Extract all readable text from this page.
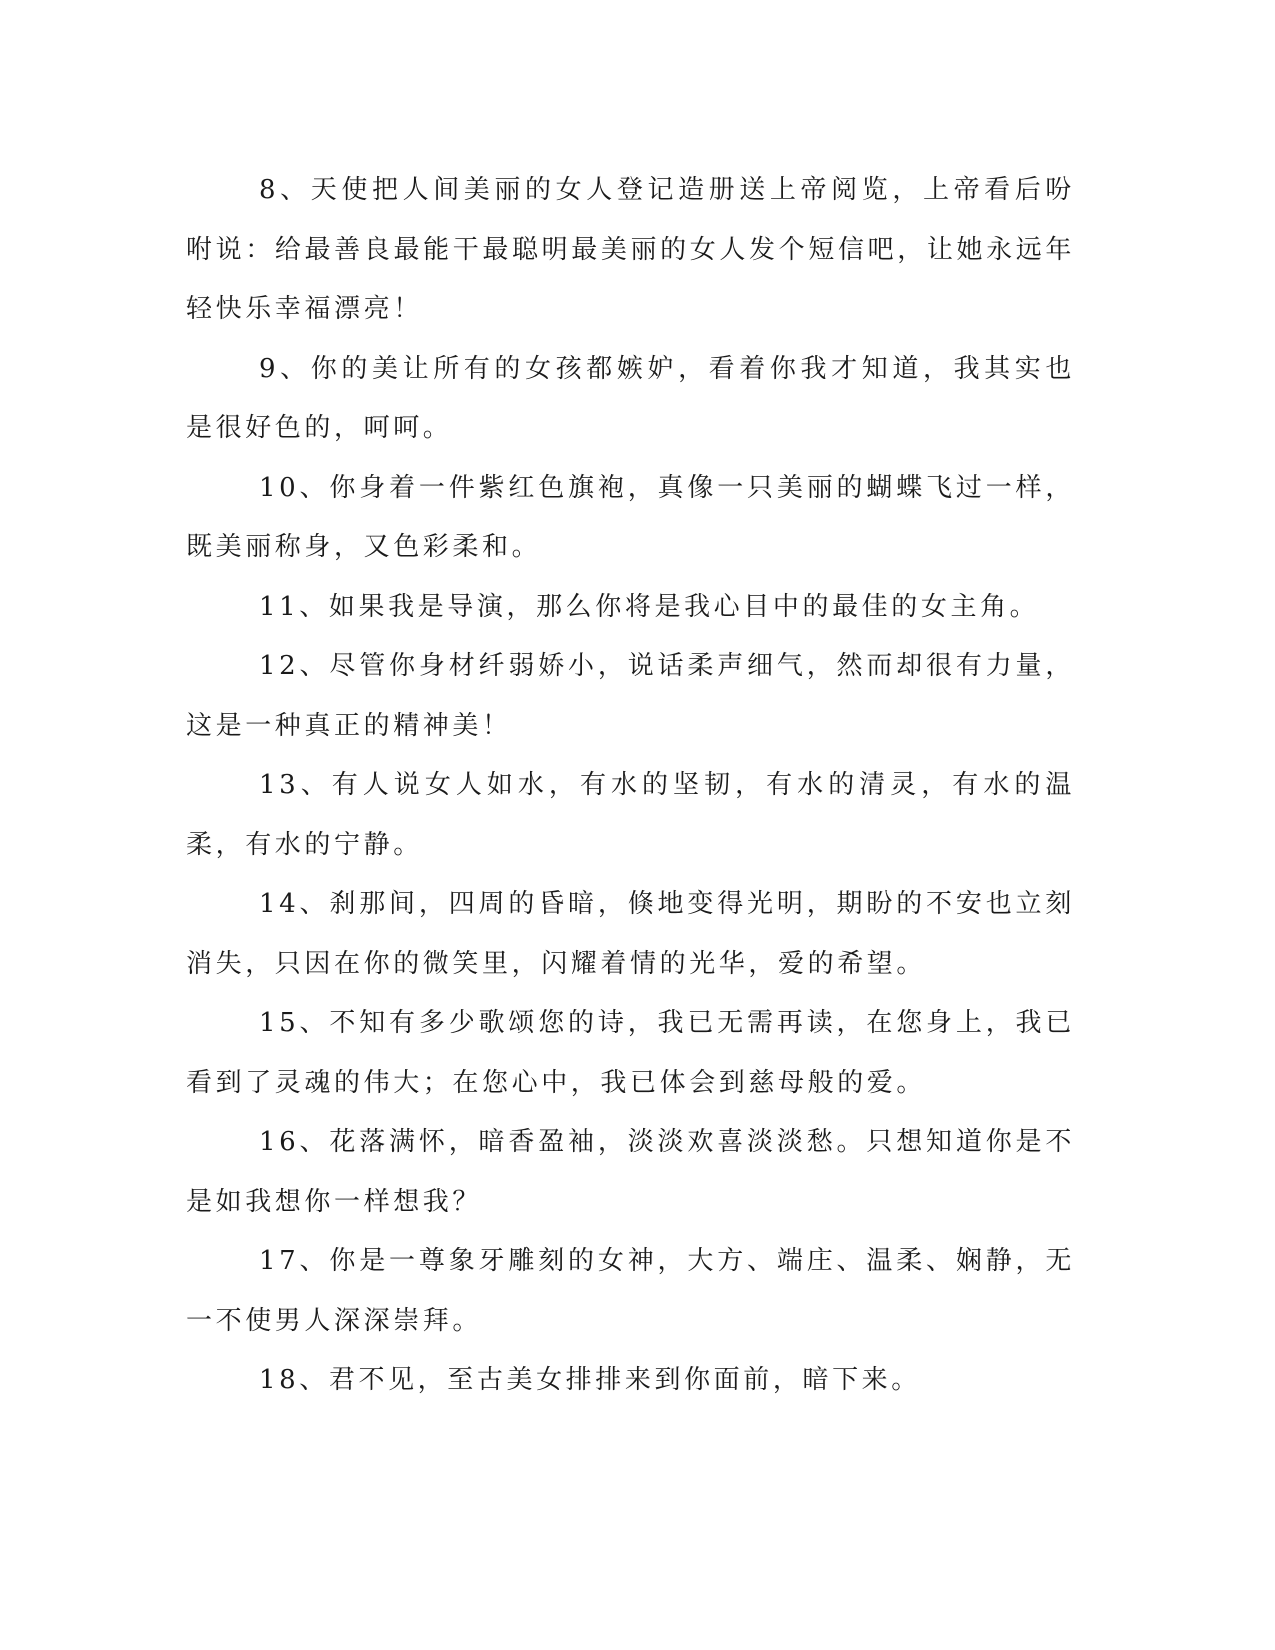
8、天使把人间美丽的女人登记造册送上帝阅览，上帝看后吩咐说：给最善良最能干最聪明最美丽的女人发个短信吧，让她永远年轻快乐幸福漂亮！

9、你的美让所有的女孩都嫉妒，看着你我才知道，我其实也是很好色的，呵呵。

10、你身着一件紫红色旗袍，真像一只美丽的蝴蝶飞过一样，既美丽称身，又色彩柔和。

11、如果我是导演，那么你将是我心目中的最佳的女主角。

12、尽管你身材纤弱娇小，说话柔声细气，然而却很有力量，这是一种真正的精神美！

13、有人说女人如水，有水的坚韧，有水的清灵，有水的温柔，有水的宁静。

14、刹那间，四周的昏暗，倏地变得光明，期盼的不安也立刻消失，只因在你的微笑里，闪耀着情的光华，爱的希望。

15、不知有多少歌颂您的诗，我已无需再读，在您身上，我已看到了灵魂的伟大；在您心中，我已体会到慈母般的爱。

16、花落满怀，暗香盈袖，淡淡欢喜淡淡愁。只想知道你是不是如我想你一样想我？

17、你是一尊象牙雕刻的女神，大方、端庄、温柔、娴静，无一不使男人深深崇拜。

18、君不见，至古美女排排来到你面前，暗下来。
